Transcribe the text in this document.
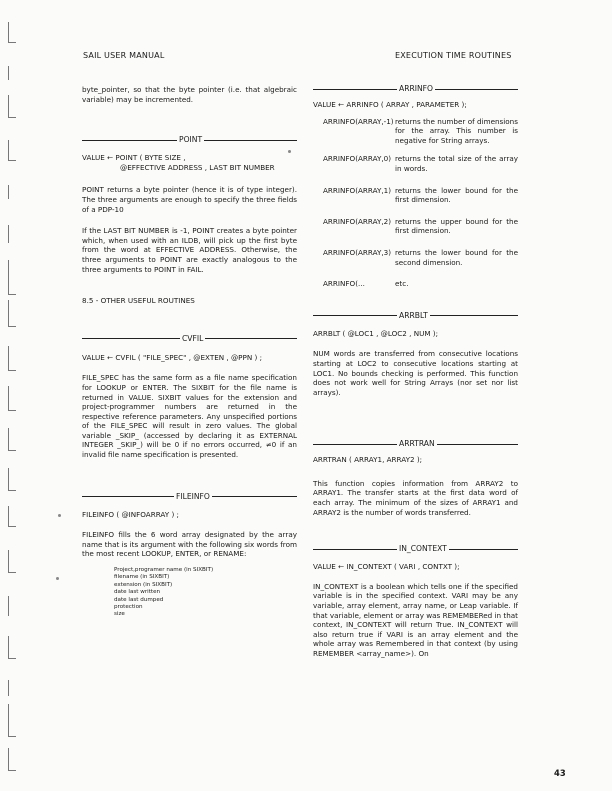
SAIL USER MANUAL	EXECUTION TIME ROUTINES

byte_pointer, so that the byte pointer (i.e. that algebraic variable) may be incremented.

POINT
VALUE ← POINT ( BYTE SIZE ,
@EFFECTIVE ADDRESS , LAST BIT NUMBER

POINT returns a byte pointer (hence it is of type integer). The three arguments are enough to specify the three fields of a PDP-10

If the LAST BIT NUMBER is -1, POINT creates a byte pointer which, when used with an ILDB, will pick up the first byte from the word at EFFECTIVE ADDRESS. Otherwise, the three arguments to POINT are exactly analogous to the three arguments to POINT in FAIL.

8.5 - OTHER USEFUL ROUTINES
CVFIL
VALUE ← CVFIL ( "FILE_SPEC" , @EXTEN , @PPN ) ;

FILE_SPEC has the same form as a file name specification for LOOKUP or ENTER. The SIXBIT for the file name is returned in VALUE. SIXBIT values for the extension and project-programmer numbers are returned in the respective reference parameters. Any unspecified portions of the FILE_SPEC will result in zero values. The global variable _SKIP_ (accessed by declaring it as EXTERNAL INTEGER _SKIP_) will be 0 if no errors occurred, ≠0 if an invalid file name specification is presented.

FILEINFO
FILEINFO ( @INFOARRAY ) ;

FILEINFO fills the 6 word array designated by the array name that is its argument with the following six words from the most recent LOOKUP, ENTER, or RENAME:

Project,programer name (in SIXBIT)
filename (in SIXBIT)
extension (in SIXBIT)
date last written
date last dumped
protection
size
ARRINFO
VALUE ← ARRINFO ( ARRAY , PARAMETER );
ARRINFO(ARRAY,-1) returns the number of dimensions for the array. This number is negative for String arrays.

ARRINFO(ARRAY,0) returns the total size of the array in words.

ARRINFO(ARRAY,1) returns the lower bound for the first dimension.

ARRINFO(ARRAY,2) returns the upper bound for the first dimension.

ARRINFO(ARRAY,3) returns the lower bound for the second dimension.

ARRINFO(...	etc.

ARRBLT
ARRBLT ( @LOC1 , @LOC2 , NUM );

NUM words are transferred from consecutive locations starting at LOC2 to consecutive locations starting at LOC1. No bounds checking is performed. This function does not work well for String Arrays (nor set nor list arrays).

ARRTRAN
ARRTRAN ( ARRAY1, ARRAY2 );

This function copies information from ARRAY2 to ARRAY1. The transfer starts at the first data word of each array. The minimum of the sizes of ARRAY1 and ARRAY2 is the number of words transferred.

IN_CONTEXT
VALUE ← IN_CONTEXT ( VARI , CONTXT );

IN_CONTEXT is a boolean which tells one if the specified variable is in the specified context. VARI may be any variable, array element, array name, or Leap variable. If that variable, element or array was REMEMBERed in that context, IN_CONTEXT will return True. IN_CONTEXT will also return true if VARI is an array element and the whole array was Remembered in that context (by using REMEMBER <array_name>). On

43
